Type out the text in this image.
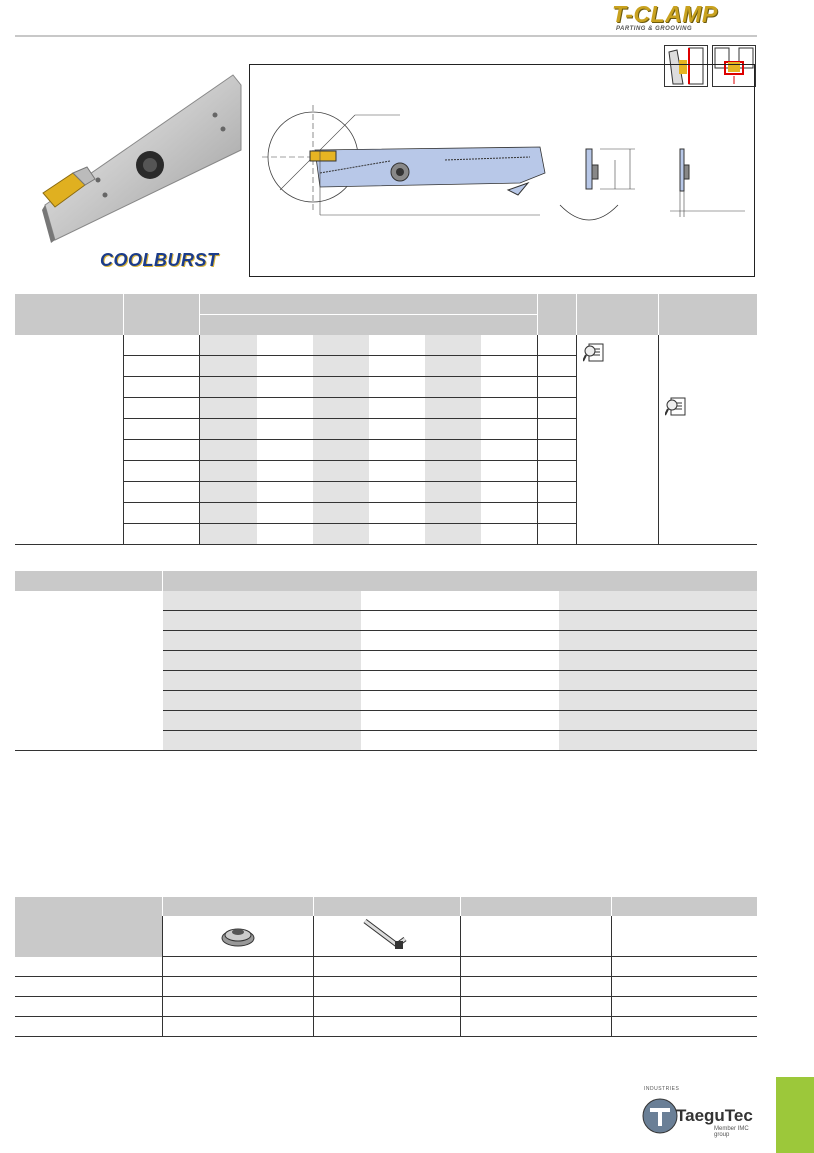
T-CLAMP
PARTING & GROOVING
COOLBURST

INDUSTRIES
TaeguTec
Member IMC group
